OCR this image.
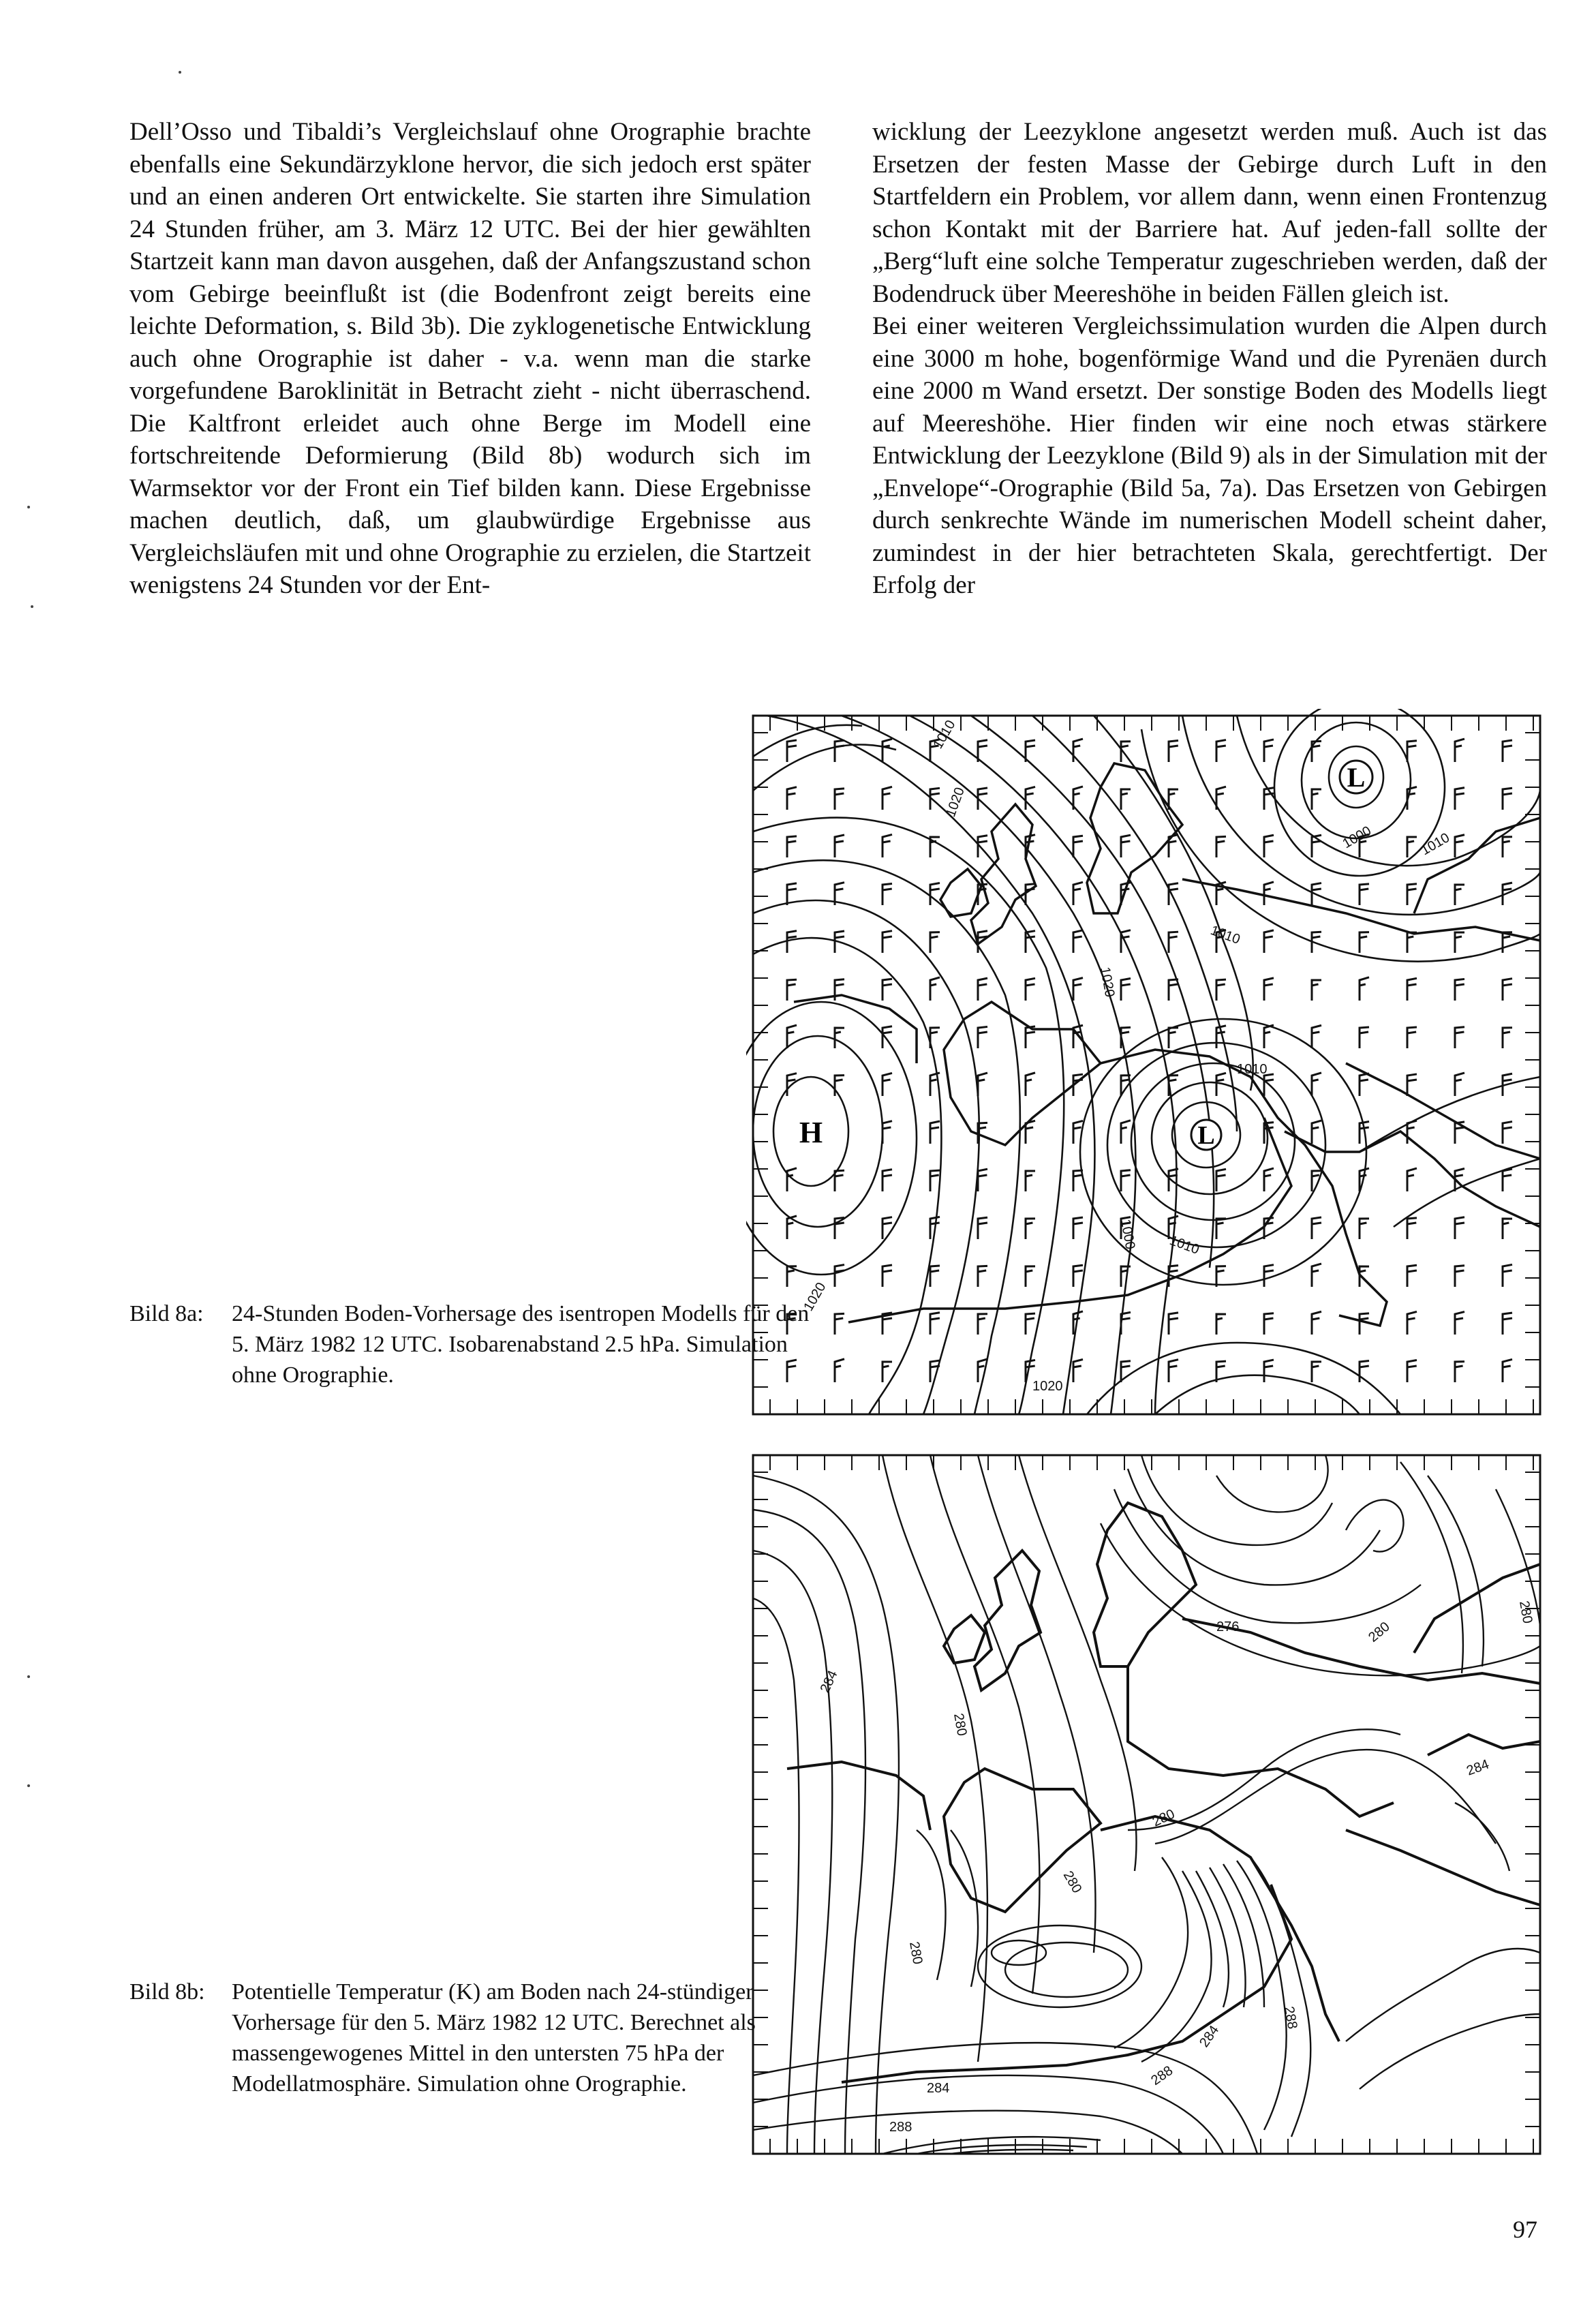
Dell’Osso und Tibaldi’s Vergleichslauf ohne Orographie brachte ebenfalls eine Sekundärzyklone hervor, die sich jedoch erst später und an einen anderen Ort entwickelte. Sie starten ihre Simulation 24 Stunden früher, am 3. März 12 UTC. Bei der hier gewählten Startzeit kann man davon ausgehen, daß der Anfangszustand schon vom Gebirge beeinflußt ist (die Bodenfront zeigt bereits eine leichte Deformation, s. Bild 3b). Die zyklogenetische Entwicklung auch ohne Orographie ist daher - v.a. wenn man die starke vorgefundene Baroklinität in Betracht zieht - nicht überraschend. Die Kaltfront erleidet auch ohne Berge im Modell eine fortschreitende Deformierung (Bild 8b) wodurch sich im Warmsektor vor der Front ein Tief bilden kann. Diese Ergebnisse machen deutlich, daß, um glaubwürdige Ergebnisse aus Vergleichsläufen mit und ohne Orographie zu erzielen, die Startzeit wenigstens 24 Stunden vor der Ent-

wicklung der Leezyklone angesetzt werden muß. Auch ist das Ersetzen der festen Masse der Gebirge durch Luft in den Startfeldern ein Problem, vor allem dann, wenn einen Frontenzug schon Kontakt mit der Barriere hat. Auf jeden-fall sollte der „Berg“luft eine solche Temperatur zugeschrieben werden, daß der Bodendruck über Meereshöhe in beiden Fällen gleich ist.

Bei einer weiteren Vergleichssimulation wurden die Alpen durch eine 3000 m hohe, bogenförmige Wand und die Pyrenäen durch eine 2000 m Wand ersetzt. Der sonstige Boden des Modells liegt auf Meereshöhe. Hier finden wir eine noch etwas stärkere Entwicklung der Leezyklone (Bild 9) als in der Simulation mit der „Envelope“-Orographie (Bild 5a, 7a). Das Ersetzen von Gebirgen durch senkrechte Wände im numerischen Modell scheint daher, zumindest in der hier betrachteten Skala, gerechtfertigt. Der Erfolg der

L
L
H
1010
1020
1000	1010
1020
1010
1010
1000 1010
1020
1020
276	280
280
280
284
280
284
280
280
288
284
284	288
288
Bild 8a:	24-Stunden Boden-Vorhersage des isentropen Modells für den 5. März 1982 12 UTC. Isobarenabstand 2.5 hPa. Simulation ohne Orographie.
Bild 8b:	Potentielle Temperatur (K) am Boden nach 24-stündiger Vorhersage für den 5. März 1982 12 UTC. Berechnet als massengewogenes Mittel in den untersten 75 hPa der Modellatmosphäre. Simulation ohne Orographie.
97
